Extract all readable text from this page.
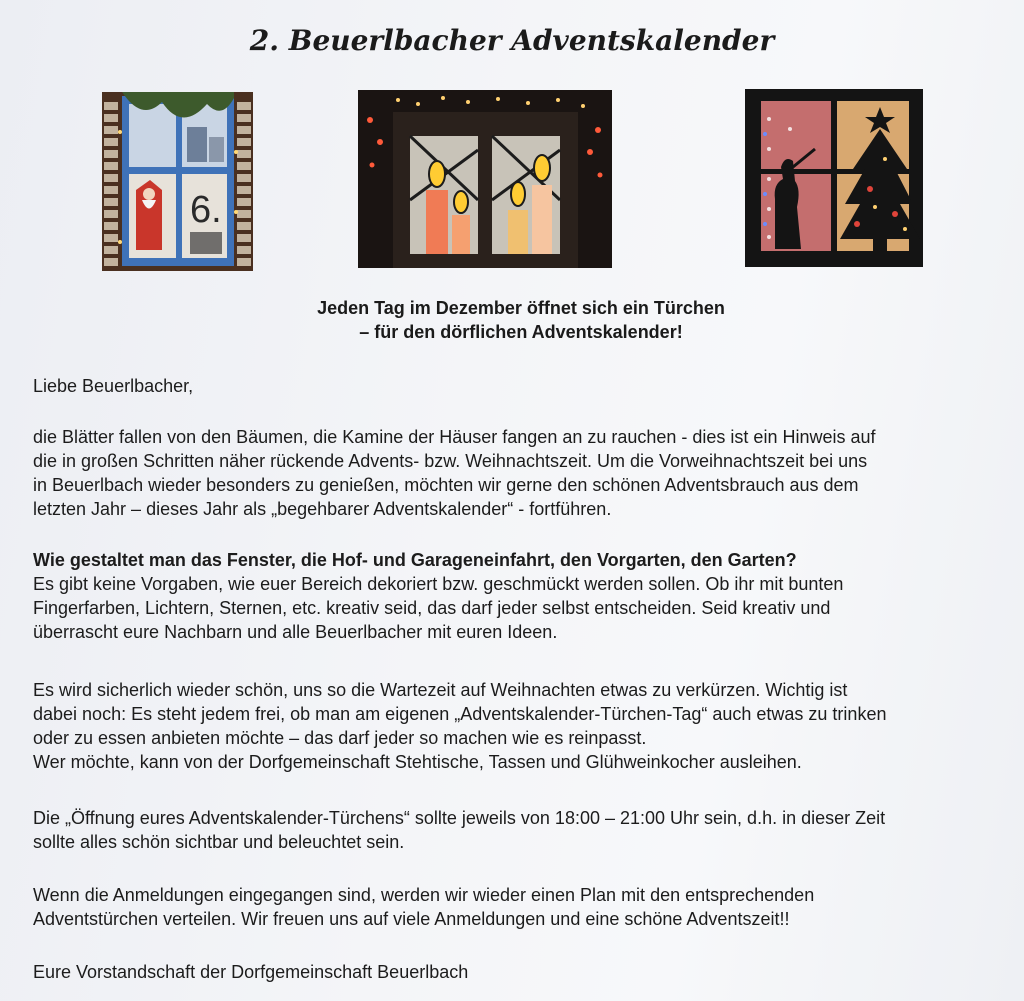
2. Beuerlbacher Adventskalender
6.
Jeden Tag im Dezember öffnet sich ein Türchen
– für den dörflichen Adventskalender!
Liebe Beuerlbacher,

die Blätter fallen von den Bäumen, die Kamine der Häuser fangen an zu rauchen - dies ist ein Hinweis auf

die in großen Schritten näher rückende Advents- bzw. Weihnachtszeit. Um die Vorweihnachtszeit bei uns

in Beuerlbach wieder besonders zu genießen, möchten wir gerne den schönen Adventsbrauch aus dem

letzten Jahr – dieses Jahr als „begehbarer Adventskalender“ - fortführen.

Wie gestaltet man das Fenster, die Hof- und Garageneinfahrt, den Vorgarten, den Garten?

Es gibt keine Vorgaben, wie euer Bereich dekoriert bzw. geschmückt werden sollen. Ob ihr mit bunten

Fingerfarben, Lichtern, Sternen, etc. kreativ seid, das darf jeder selbst entscheiden. Seid kreativ und

überrascht eure Nachbarn und alle Beuerlbacher mit euren Ideen.

Es wird sicherlich wieder schön, uns so die Wartezeit auf Weihnachten etwas zu verkürzen. Wichtig ist

dabei noch: Es steht jedem frei, ob man am eigenen „Adventskalender-Türchen-Tag“ auch etwas zu trinken

oder zu essen anbieten möchte – das darf jeder so machen wie es reinpasst.

Wer möchte, kann von der Dorfgemeinschaft Stehtische, Tassen und Glühweinkocher ausleihen.

Die „Öffnung eures Adventskalender-Türchens“ sollte jeweils von 18:00 – 21:00 Uhr sein, d.h. in dieser Zeit

sollte alles schön sichtbar und beleuchtet sein.

Wenn die Anmeldungen eingegangen sind, werden wir wieder einen Plan mit den entsprechenden

Adventstürchen verteilen. Wir freuen uns auf viele Anmeldungen und eine schöne Adventszeit!!

Eure Vorstandschaft der Dorfgemeinschaft Beuerlbach
